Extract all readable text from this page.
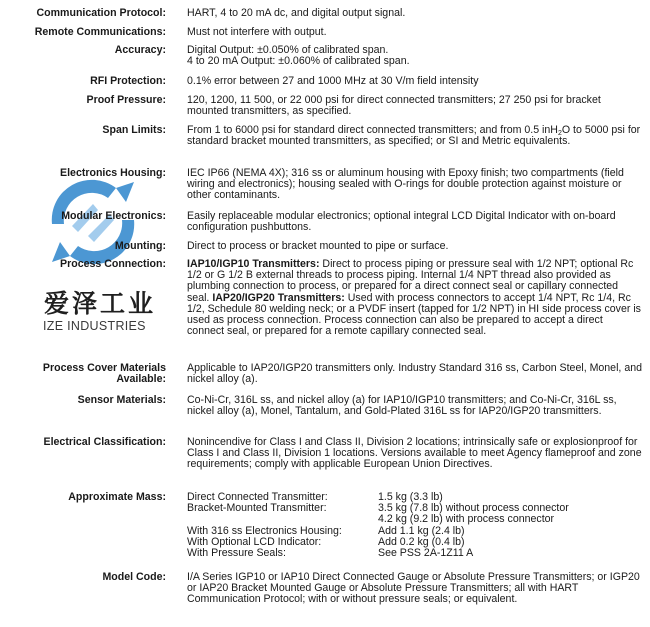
爱泽工业
IZE INDUSTRIES
Communication Protocol: HART, 4 to 20 mA dc, and digital output signal.
Remote Communications: Must not interfere with output.
Accuracy: Digital Output: ±0.050% of calibrated span.
4 to 20 mA Output: ±0.060% of calibrated span.
RFI Protection: 0.1% error between 27 and 1000 MHz at 30 V/m field intensity
Proof Pressure: 120, 1200, 11 500, or 22 000 psi for direct connected transmitters; 27 250 psi for bracket mounted transmitters, as specified.
Span Limits: From 1 to 6000 psi for standard direct connected transmitters; and from 0.5 inH$_2$O to 5000 psi for standard bracket mounted transmitters, as specified; or SI and Metric equivalents.
Electronics Housing: IEC IP66 (NEMA 4X); 316 ss or aluminum housing with Epoxy finish; two compartments (field wiring and electronics); housing sealed with O-rings for double protection against moisture or other contaminants.
Modular Electronics: Easily replaceable modular electronics; optional integral LCD Digital Indicator with on-board configuration pushbuttons.
Mounting: Direct to process or bracket mounted to pipe or surface.
Process Connection: IAP10/IGP10 Transmitters: Direct to process piping or pressure seal with 1/2 NPT; optional Rc 1/2 or G 1/2 B external threads to process piping. Internal 1/4 NPT thread also provided as plumbing connection to process, or prepared for a direct connect seal or capillary connected seal. IAP20/IGP20 Transmitters: Used with process connectors to accept 1/4 NPT, Rc 1/4, Rc 1/2, Schedule 80 welding neck; or a PVDF insert (tapped for 1/2 NPT) in HI side process cover is used as process connection. Process connection can also be prepared to accept a direct connect seal, or prepared for a remote capillary connected seal.
Process Cover Materials
Available:
Applicable to IAP20/IGP20 transmitters only. Industry Standard 316 ss, Carbon Steel, Monel, and nickel alloy (a).
Sensor Materials: Co-Ni-Cr, 316L ss, and nickel alloy (a) for IAP10/IGP10 transmitters; and Co-Ni-Cr, 316L ss, nickel alloy (a), Monel, Tantalum, and Gold-Plated 316L ss for IAP20/IGP20 transmitters.
Electrical Classification: Nonincendive for Class I and Class II, Division 2 locations; intrinsically safe or explosionproof for Class I and Class II, Division 1 locations. Versions available to meet Agency flameproof and zone requirements; comply with applicable European Union Directives.
Approximate Mass: Direct Connected Transmitter:	1.5 kg (3.3 lb)
Bracket-Mounted Transmitter:	3.5 kg (7.8 lb) without process connector
4.2 kg (9.2 lb) with process connector
With 316 ss Electronics Housing:	Add 1.1 kg (2.4 lb)
With Optional LCD Indicator:	Add 0.2 kg (0.4 lb)
With Pressure Seals:	See PSS 2A-1Z11 A
Model Code: I/A Series IGP10 or IAP10 Direct Connected Gauge or Absolute Pressure Transmitters; or IGP20 or IAP20 Bracket Mounted Gauge or Absolute Pressure Transmitters; all with HART Communication Protocol; with or without pressure seals; or equivalent.
